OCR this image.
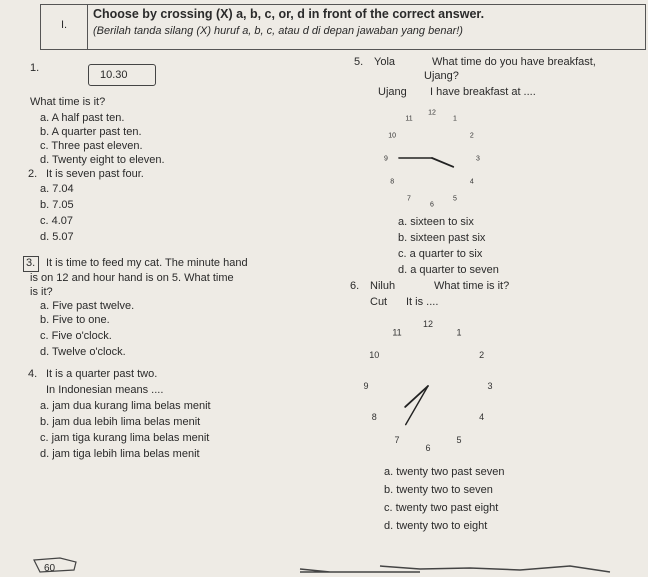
I.
Choose by crossing (X) a, b, c, or, d in front of the correct answer.
(Berilah tanda silang (X) huruf a, b, c, atau d di depan jawaban yang benar!)
1.
10.30
What time is it?
a. A half past ten.
b. A quarter past ten.
c. Three past eleven.
d. Twenty eight to eleven.
2. It is seven past four.
a. 7.04
b. 7.05
c. 4.07
d. 5.07
3. It is time to feed my cat. The minute hand
is on 12 and hour hand is on 5. What time
is it?
a. Five past twelve.
b. Five to one.
c. Five o'clock.
d. Twelve o'clock.
4. It is a quarter past two.
In Indonesian means ....
a. jam dua kurang lima belas menit
b. jam dua lebih lima belas menit
c. jam tiga kurang lima belas menit
d. jam tiga lebih lima belas menit
5. Yola	What time do you have breakfast,
Ujang?
Ujang I have breakfast at ....
1
2
3
4
5
6
7
8
9
10
11
12
a. sixteen to six
b. sixteen past six
c. a quarter to six
d. a quarter to seven
6. Niluh	What time is it?
Cut It is ....
1
2
3
4
5
6
7
8
9
10
11
12
a. twenty two past seven
b. twenty two to seven
c. twenty two past eight
d. twenty two to eight
60
